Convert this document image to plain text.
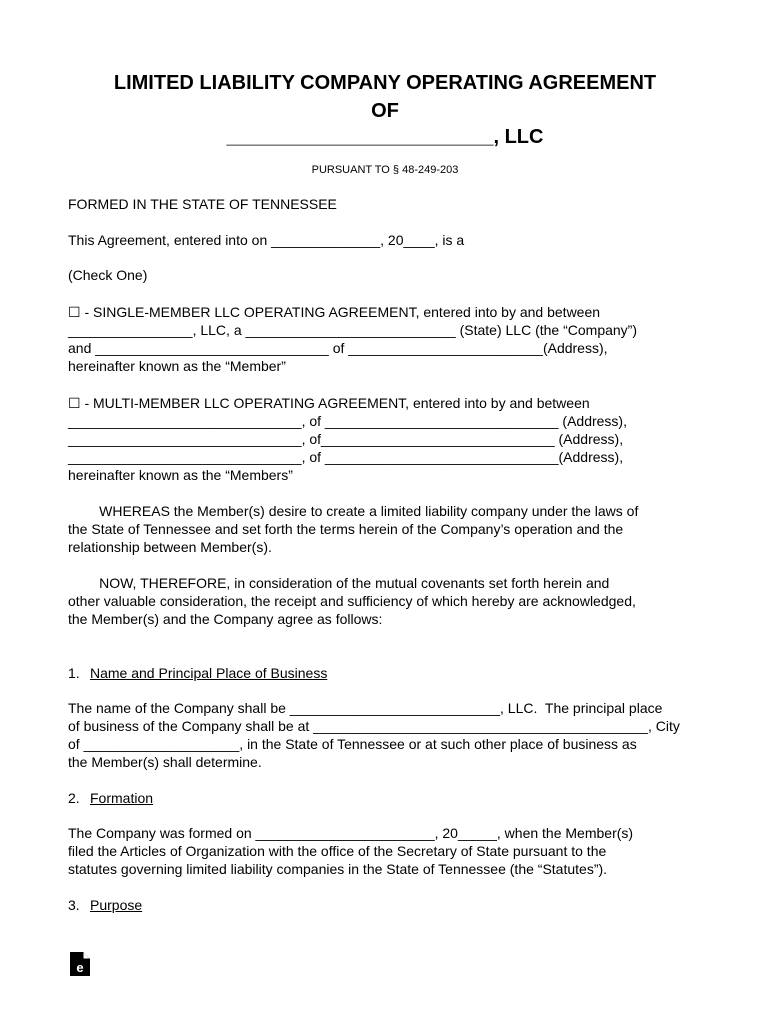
LIMITED LIABILITY COMPANY OPERATING AGREEMENT
OF
________________________, LLC
PURSUANT TO § 48-249-203
FORMED IN THE STATE OF TENNESSEE
This Agreement, entered into on ______________, 20____, is a
(Check One)
☐ - SINGLE-MEMBER LLC OPERATING AGREEMENT, entered into by and between
________________, LLC, a ___________________________ (State) LLC (the “Company”)
and ______________________________ of _________________________(Address),
hereinafter known as the “Member”
☐ - MULTI-MEMBER LLC OPERATING AGREEMENT, entered into by and between
______________________________, of ______________________________ (Address),
______________________________, of______________________________ (Address),
______________________________, of ______________________________(Address),
hereinafter known as the “Members”
WHEREAS the Member(s) desire to create a limited liability company under the laws of
the State of Tennessee and set forth the terms herein of the Company’s operation and the
relationship between Member(s).
NOW, THEREFORE, in consideration of the mutual covenants set forth herein and
other valuable consideration, the receipt and sufficiency of which hereby are acknowledged,
the Member(s) and the Company agree as follows:
1. Name and Principal Place of Business
The name of the Company shall be ___________________________, LLC.  The principal place
of business of the Company shall be at ___________________________________________, City
of ____________________, in the State of Tennessee or at such other place of business as
the Member(s) shall determine.
2. Formation
The Company was formed on _______________________, 20_____, when the Member(s)
filed the Articles of Organization with the office of the Secretary of State pursuant to the
statutes governing limited liability companies in the State of Tennessee (the “Statutes”).
3. Purpose
e
